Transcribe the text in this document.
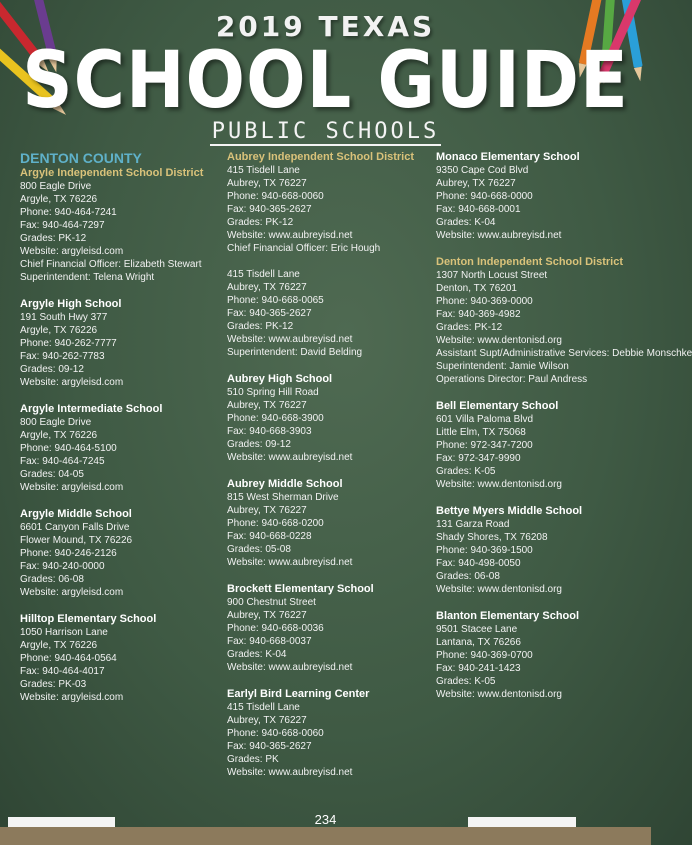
2019 TEXAS
SCHOOL GUIDE
PUBLIC SCHOOLS
DENTON COUNTY
Argyle Independent School District
800 Eagle Drive
Argyle, TX 76226
Phone: 940-464-7241
Fax: 940-464-7297
Grades: PK-12
Website: argyleisd.com
Chief Financial Officer: Elizabeth Stewart
Superintendent: Telena Wright
Argyle High School
191 South Hwy 377
Argyle, TX 76226
Phone: 940-262-7777
Fax: 940-262-7783
Grades: 09-12
Website: argyleisd.com
Argyle Intermediate School
800 Eagle Drive
Argyle, TX 76226
Phone: 940-464-5100
Fax: 940-464-7245
Grades: 04-05
Website: argyleisd.com
Argyle Middle School
6601 Canyon Falls Drive
Flower Mound, TX 76226
Phone: 940-246-2126
Fax: 940-240-0000
Grades: 06-08
Website: argyleisd.com
Hilltop Elementary School
1050 Harrison Lane
Argyle, TX 76226
Phone: 940-464-0564
Fax: 940-464-4017
Grades: PK-03
Website: argyleisd.com
Aubrey Independent School District
415 Tisdell Lane
Aubrey, TX 76227
Phone: 940-668-0060
Fax: 940-365-2627
Grades: PK-12
Website: www.aubreyisd.net
Chief Financial Officer: Eric Hough
415 Tisdell Lane
Aubrey, TX 76227
Phone: 940-668-0065
Fax: 940-365-2627
Grades: PK-12
Website: www.aubreyisd.net
Superintendent: David Belding
Aubrey High School
510 Spring Hill Road
Aubrey, TX 76227
Phone: 940-668-3900
Fax: 940-668-3903
Grades: 09-12
Website: www.aubreyisd.net
Aubrey Middle School
815 West Sherman Drive
Aubrey, TX 76227
Phone: 940-668-0200
Fax: 940-668-0228
Grades: 05-08
Website: www.aubreyisd.net
Brockett Elementary School
900 Chestnut Street
Aubrey, TX 76227
Phone: 940-668-0036
Fax: 940-668-0037
Grades: K-04
Website: www.aubreyisd.net
Earlyl Bird Learning Center
415 Tisdell Lane
Aubrey, TX 76227
Phone: 940-668-0060
Fax: 940-365-2627
Grades: PK
Website: www.aubreyisd.net
Monaco Elementary School
9350 Cape Cod Blvd
Aubrey, TX 76227
Phone: 940-668-0000
Fax: 940-668-0001
Grades: K-04
Website: www.aubreyisd.net
Denton Independent School District
1307 North Locust Street
Denton, TX 76201
Phone: 940-369-0000
Fax: 940-369-4982
Grades: PK-12
Website: www.dentonisd.org
Assistant Supt/Administrative Services: Debbie Monschke
Superintendent: Jamie Wilson
Operations Director: Paul Andress
Bell Elementary School
601 Villa Paloma Blvd
Little Elm, TX 75068
Phone: 972-347-7200
Fax: 972-347-9990
Grades: K-05
Website: www.dentonisd.org
Bettye Myers Middle School
131 Garza Road
Shady Shores, TX 76208
Phone: 940-369-1500
Fax: 940-498-0050
Grades: 06-08
Website: www.dentonisd.org
Blanton Elementary School
9501 Stacee Lane
Lantana, TX 76266
Phone: 940-369-0700
Fax: 940-241-1423
Grades: K-05
Website: www.dentonisd.org
234
